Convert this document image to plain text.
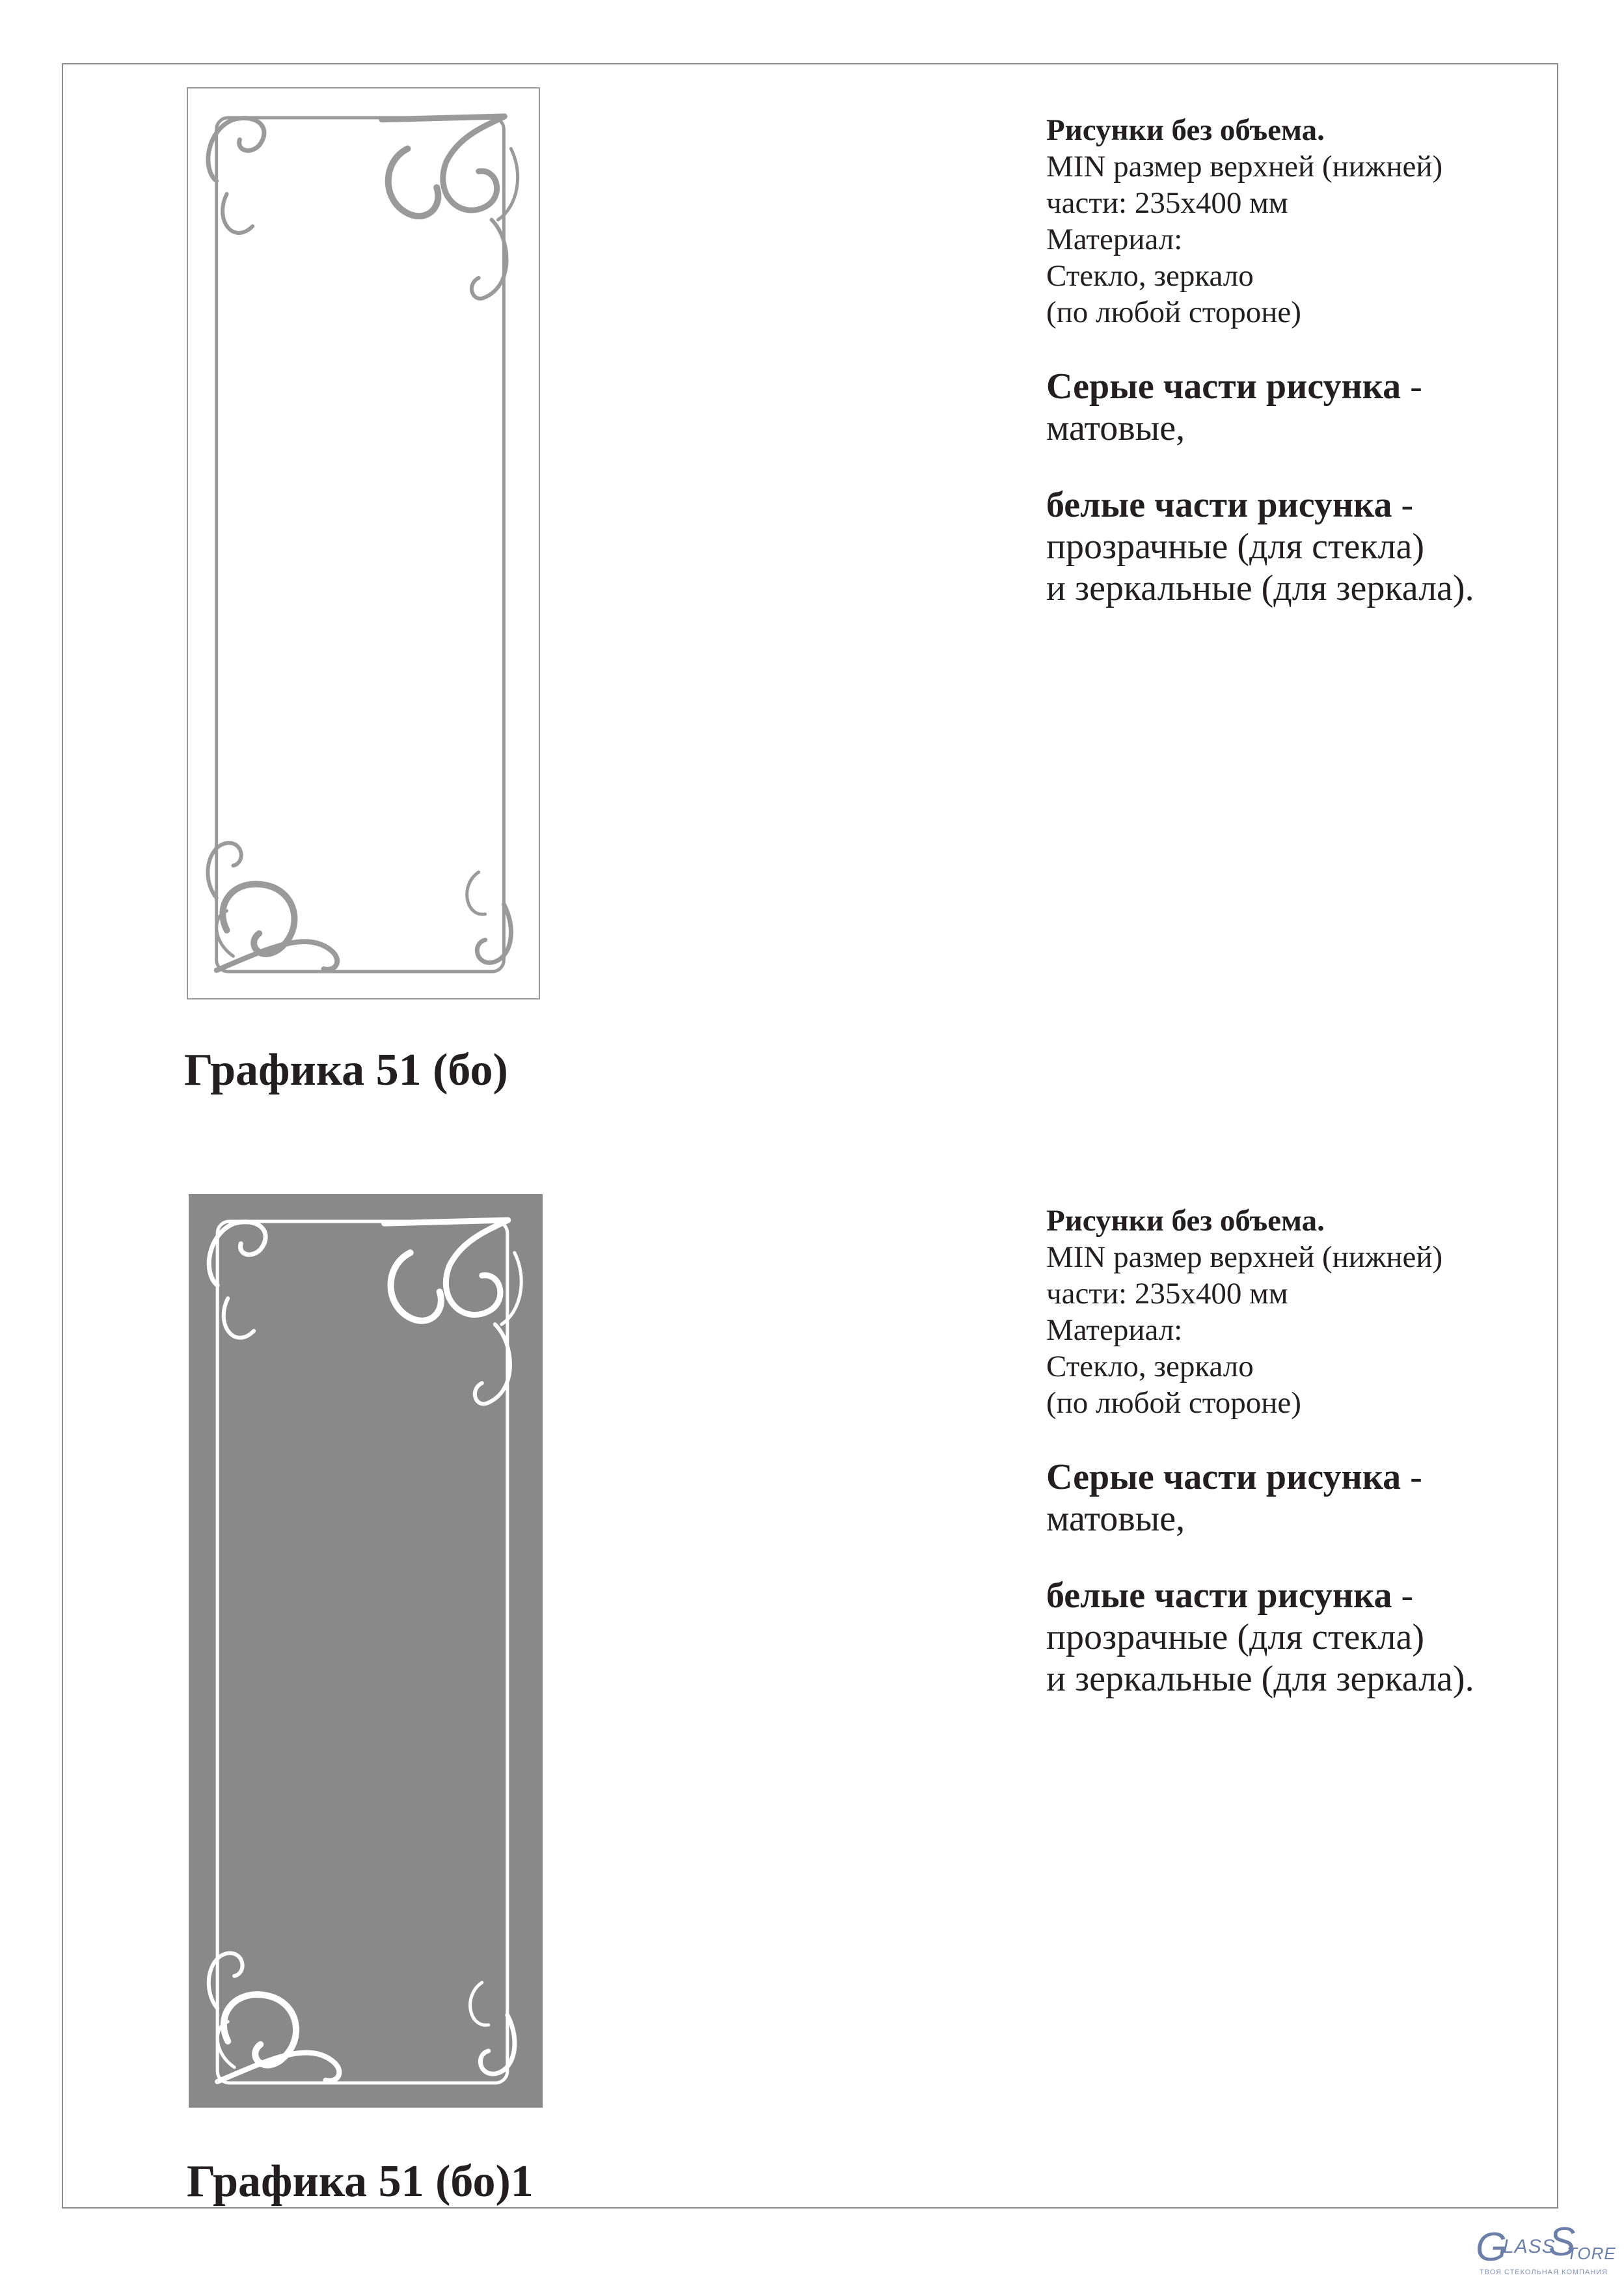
Графика 51 (бо)
Рисунки без объема.
MIN размер верхней (нижней)
части: 235х400 мм
Материал:
Стекло, зеркало
(по любой стороне)
Серые части рисунка -
матовые,
белые части рисунка -
прозрачные (для стекла)
и зеркальные (для зеркала).
Графика 51 (бо)1
Рисунки без объема.
MIN размер верхней (нижней)
части: 235х400 мм
Материал:
Стекло, зеркало
(по любой стороне)
Серые части рисунка -
матовые,
белые части рисунка -
прозрачные (для стекла)
и зеркальные (для зеркала).
G
LASS
S
TORE
ТВОЯ СТЕКОЛЬНАЯ КОМПАНИЯ
